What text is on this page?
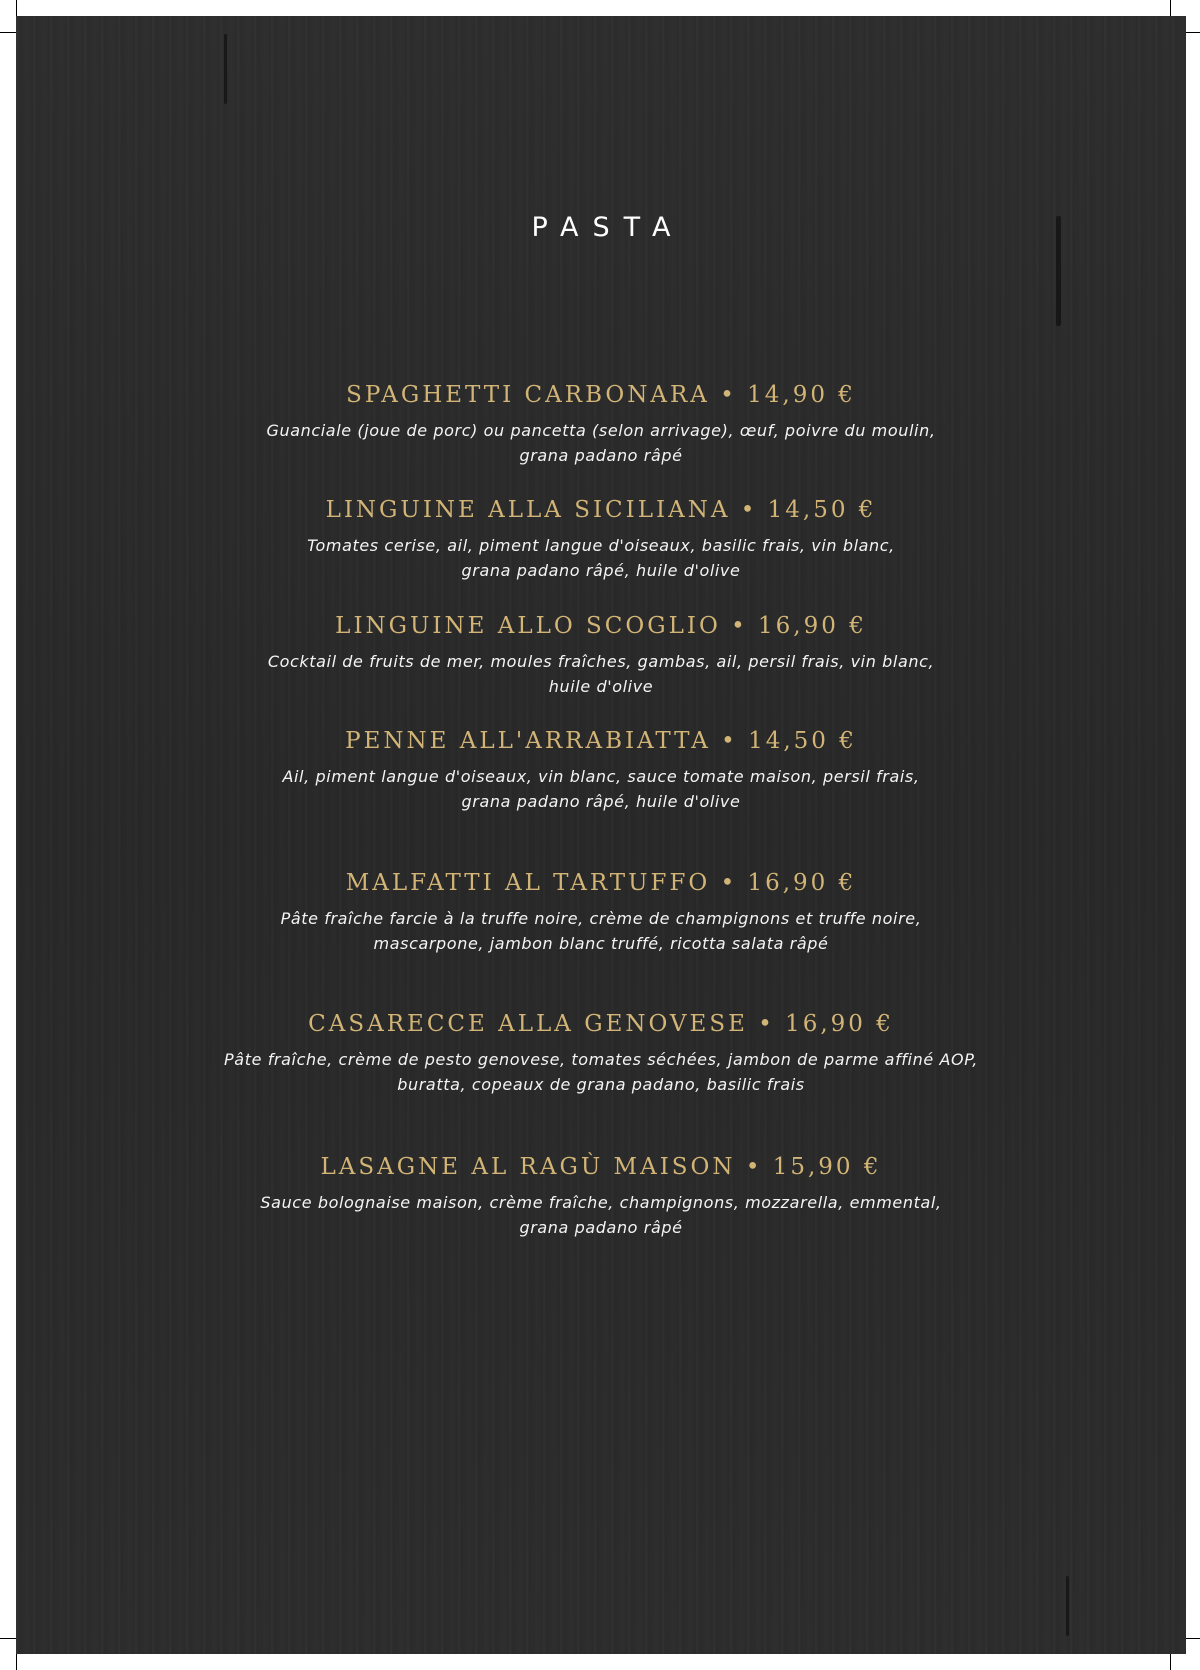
PASTA
SPAGHETTI CARBONARA • 14,90 €
Guanciale (joue de porc) ou pancetta (selon arrivage), œuf, poivre du moulin,
grana padano râpé
LINGUINE ALLA SICILIANA • 14,50 €
Tomates cerise, ail, piment langue d'oiseaux, basilic frais, vin blanc,
grana padano râpé, huile d'olive
LINGUINE ALLO SCOGLIO • 16,90 €
Cocktail de fruits de mer, moules fraîches, gambas, ail, persil frais, vin blanc,
huile d'olive
PENNE ALL'ARRABIATTA • 14,50 €
Ail, piment langue d'oiseaux, vin blanc, sauce tomate maison, persil frais,
grana padano râpé, huile d'olive
MALFATTI AL TARTUFFO • 16,90 €
Pâte fraîche farcie à la truffe noire, crème de champignons et truffe noire,
mascarpone, jambon blanc truffé, ricotta salata râpé
CASARECCE ALLA GENOVESE • 16,90 €
Pâte fraîche, crème de pesto genovese, tomates séchées, jambon de parme affiné AOP,
buratta, copeaux de grana padano, basilic frais
LASAGNE AL RAGÙ MAISON • 15,90 €
Sauce bolognaise maison, crème fraîche, champignons, mozzarella, emmental,
grana padano râpé
